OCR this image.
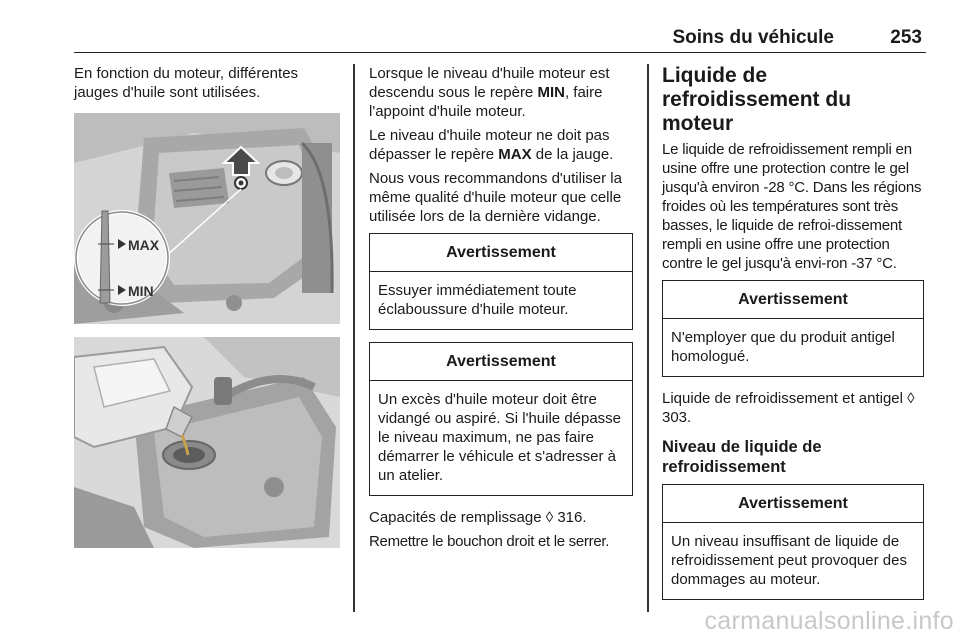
Soins du véhicule	253

En fonction du moteur, différentes jauges d'huile sont utilisées.

MAX
MIN

Lorsque le niveau d'huile moteur est descendu sous le repère MIN, faire l'appoint d'huile moteur.

Le niveau d'huile moteur ne doit pas dépasser le repère MAX de la jauge.

Nous vous recommandons d'utiliser la même qualité d'huile moteur que celle utilisée lors de la dernière vidange.

Avertissement
Essuyer immédiatement toute éclaboussure d'huile moteur.
Avertissement
Un excès d'huile moteur doit être vidangé ou aspiré. Si l'huile dépasse le niveau maximum, ne pas faire démarrer le véhicule et s'adresser à un atelier.

Capacités de remplissage ◊ 316.

Remettre le bouchon droit et le serrer.

Liquide de refroidissement du moteur

Le liquide de refroidissement rempli en usine offre une protection contre le gel jusqu'à environ -28 °C. Dans les régions froides où les températures sont très basses, le liquide de refroi-dissement rempli en usine offre une protection contre le gel jusqu'à envi-ron -37 °C.

Avertissement
N'employer que du produit antigel homologué.

Liquide de refroidissement et antigel ◊ 303.

Niveau de liquide de refroidissement
Avertissement
Un niveau insuffisant de liquide de refroidissement peut provoquer des dommages au moteur.
carmanualsonline.info
